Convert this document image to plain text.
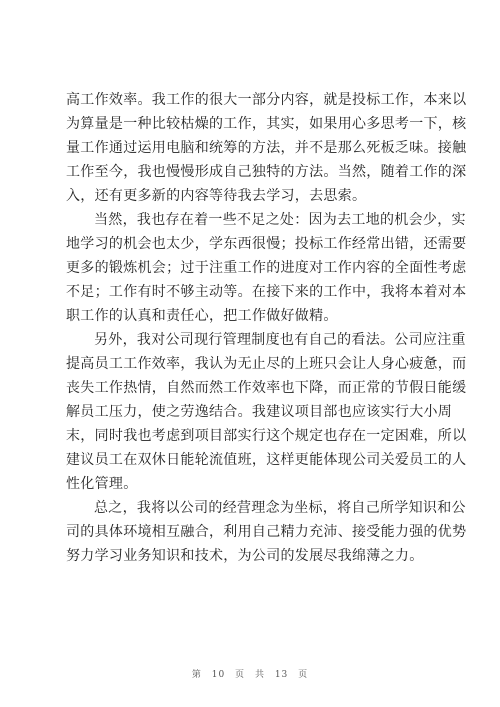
高工作效率。我工作的很大一部分内容，就是投标工作，本来以

为算量是一种比较枯燥的工作，其实，如果用心多思考一下，核

量工作通过运用电脑和统筹的方法，并不是那么死板乏味。接触

工作至今，我也慢慢形成自己独特的方法。当然，随着工作的深

入，还有更多新的内容等待我去学习，去思索。

当然，我也存在着一些不足之处：因为去工地的机会少，实

地学习的机会也太少，学东西很慢；投标工作经常出错，还需要

更多的锻炼机会；过于注重工作的进度对工作内容的全面性考虑

不足；工作有时不够主动等。在接下来的工作中，我将本着对本

职工作的认真和责任心，把工作做好做精。

另外，我对公司现行管理制度也有自己的看法。公司应注重

提高员工工作效率，我认为无止尽的上班只会让人身心疲惫，而

丧失工作热情，自然而然工作效率也下降，而正常的节假日能缓

解员工压力，使之劳逸结合。我建议项目部也应该实行大小周

末，同时我也考虑到项目部实行这个规定也存在一定困难，所以

建议员工在双休日能轮流值班，这样更能体现公司关爱员工的人

性化管理。

总之，我将以公司的经营理念为坐标，将自己所学知识和公

司的具体环境相互融合，利用自己精力充沛、接受能力强的优势

努力学习业务知识和技术，为公司的发展尽我绵薄之力。

第 10 页 共 13 页
